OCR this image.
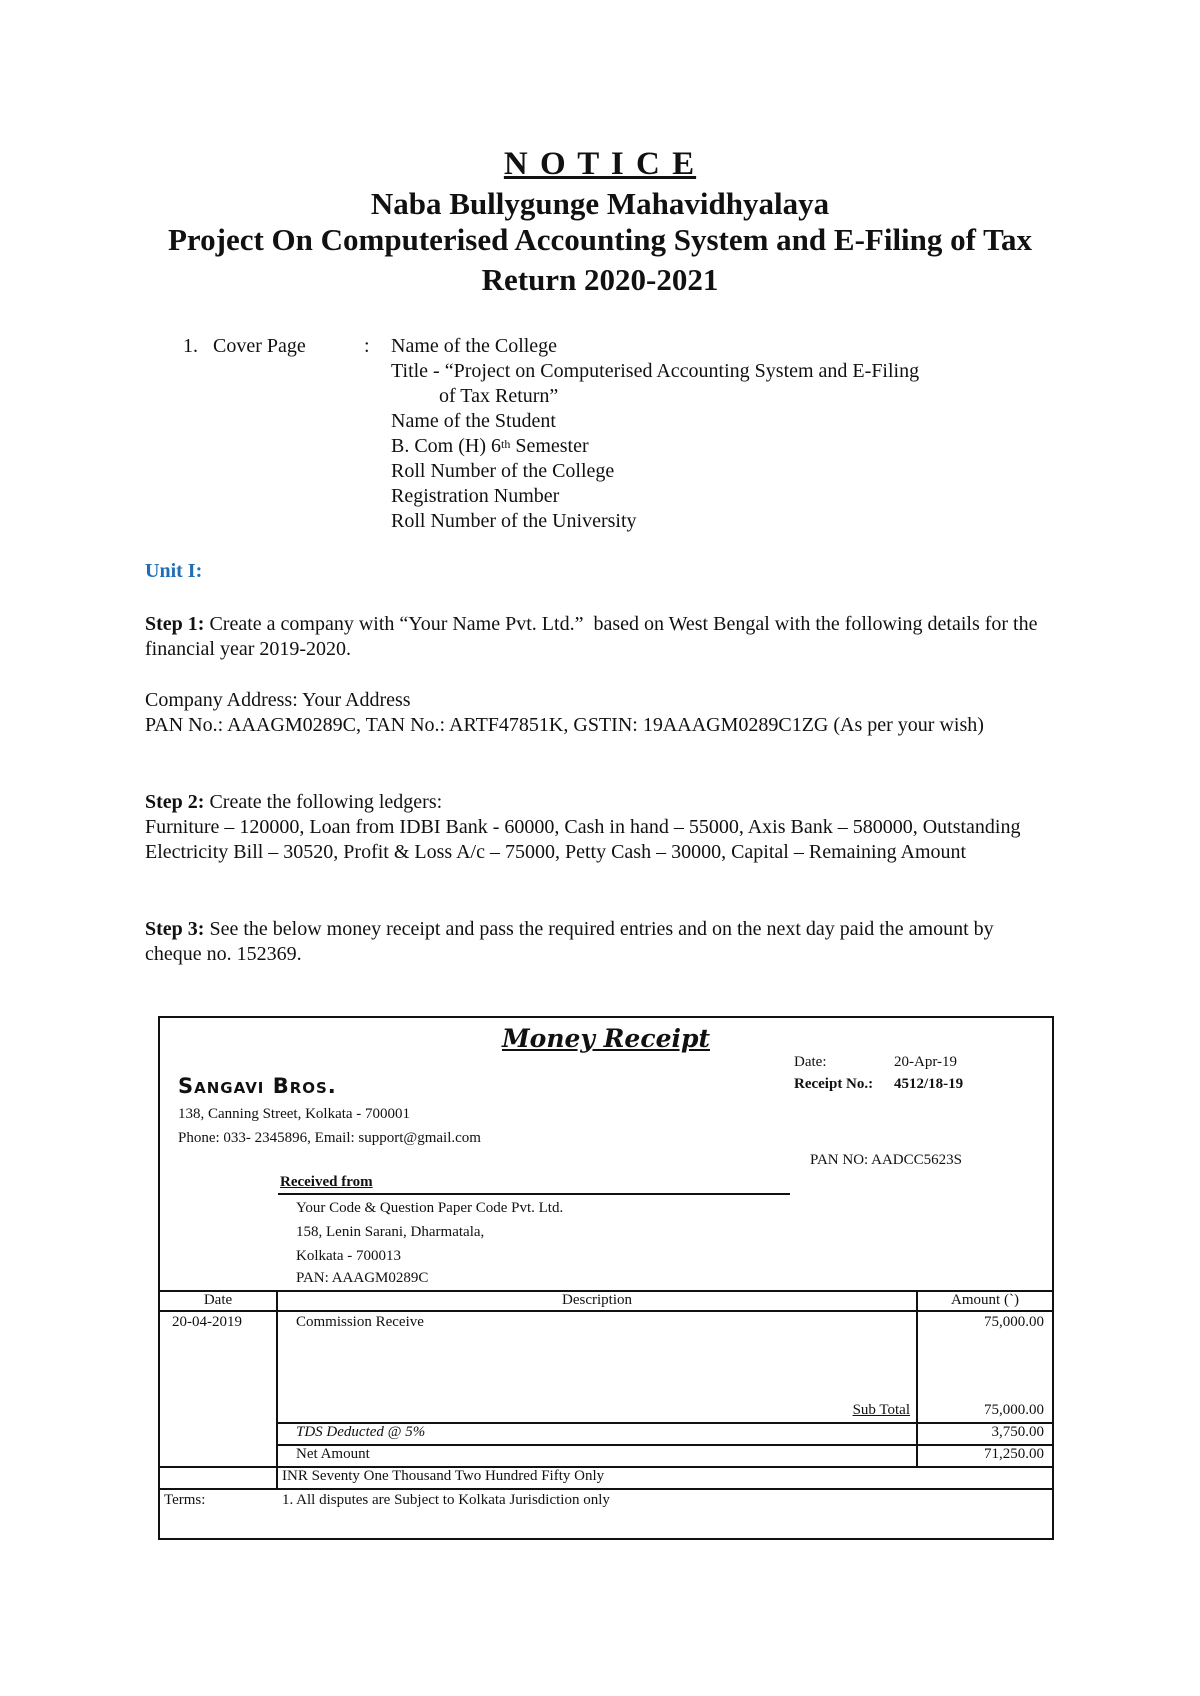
N O T I C E
Naba Bullygunge Mahavidhyalaya
Project On Computerised Accounting System and E-Filing of Tax
Return 2020-2021
1.   Cover Page	: Name of the College
Title - “Project on Computerised Accounting System and E-Filing
of Tax Return”
Name of the Student
B. Com (H) 6th Semester
Roll Number of the College
Registration Number
Roll Number of the University
Unit I:
Step 1: Create a company with “Your Name Pvt. Ltd.”  based on West Bengal with the following details for the financial year 2019-2020.
Company Address: Your Address
PAN No.: AAAGM0289C, TAN No.: ARTF47851K, GSTIN: 19AAAGM0289C1ZG (As per your wish)
Step 2: Create the following ledgers:
Furniture – 120000, Loan from IDBI Bank - 60000, Cash in hand – 55000, Axis Bank – 580000, Outstanding Electricity Bill – 30520, Profit & Loss A/c – 75000, Petty Cash – 30000, Capital – Remaining Amount
Step 3: See the below money receipt and pass the required entries and on the next day paid the amount by cheque no. 152369.
Money Receipt
Sangavi Bros.
138, Canning Street, Kolkata - 700001
Phone: 033- 2345896, Email: support@gmail.com
Date:	20-Apr-19
Receipt No.: 4512/18-19
PAN NO: AADCC5623S
Received from
Your Code & Question Paper Code Pvt. Ltd.
158, Lenin Sarani, Dharmatala,
Kolkata - 700013
PAN: AAAGM0289C
Date	Description	Amount (`)
20-04-2019	Commission Receive	75,000.00
Sub Total	75,000.00
TDS Deducted @ 5%	3,750.00
Net Amount	71,250.00
INR Seventy One Thousand Two Hundred Fifty Only
Terms:	1. All disputes are Subject to Kolkata Jurisdiction only
